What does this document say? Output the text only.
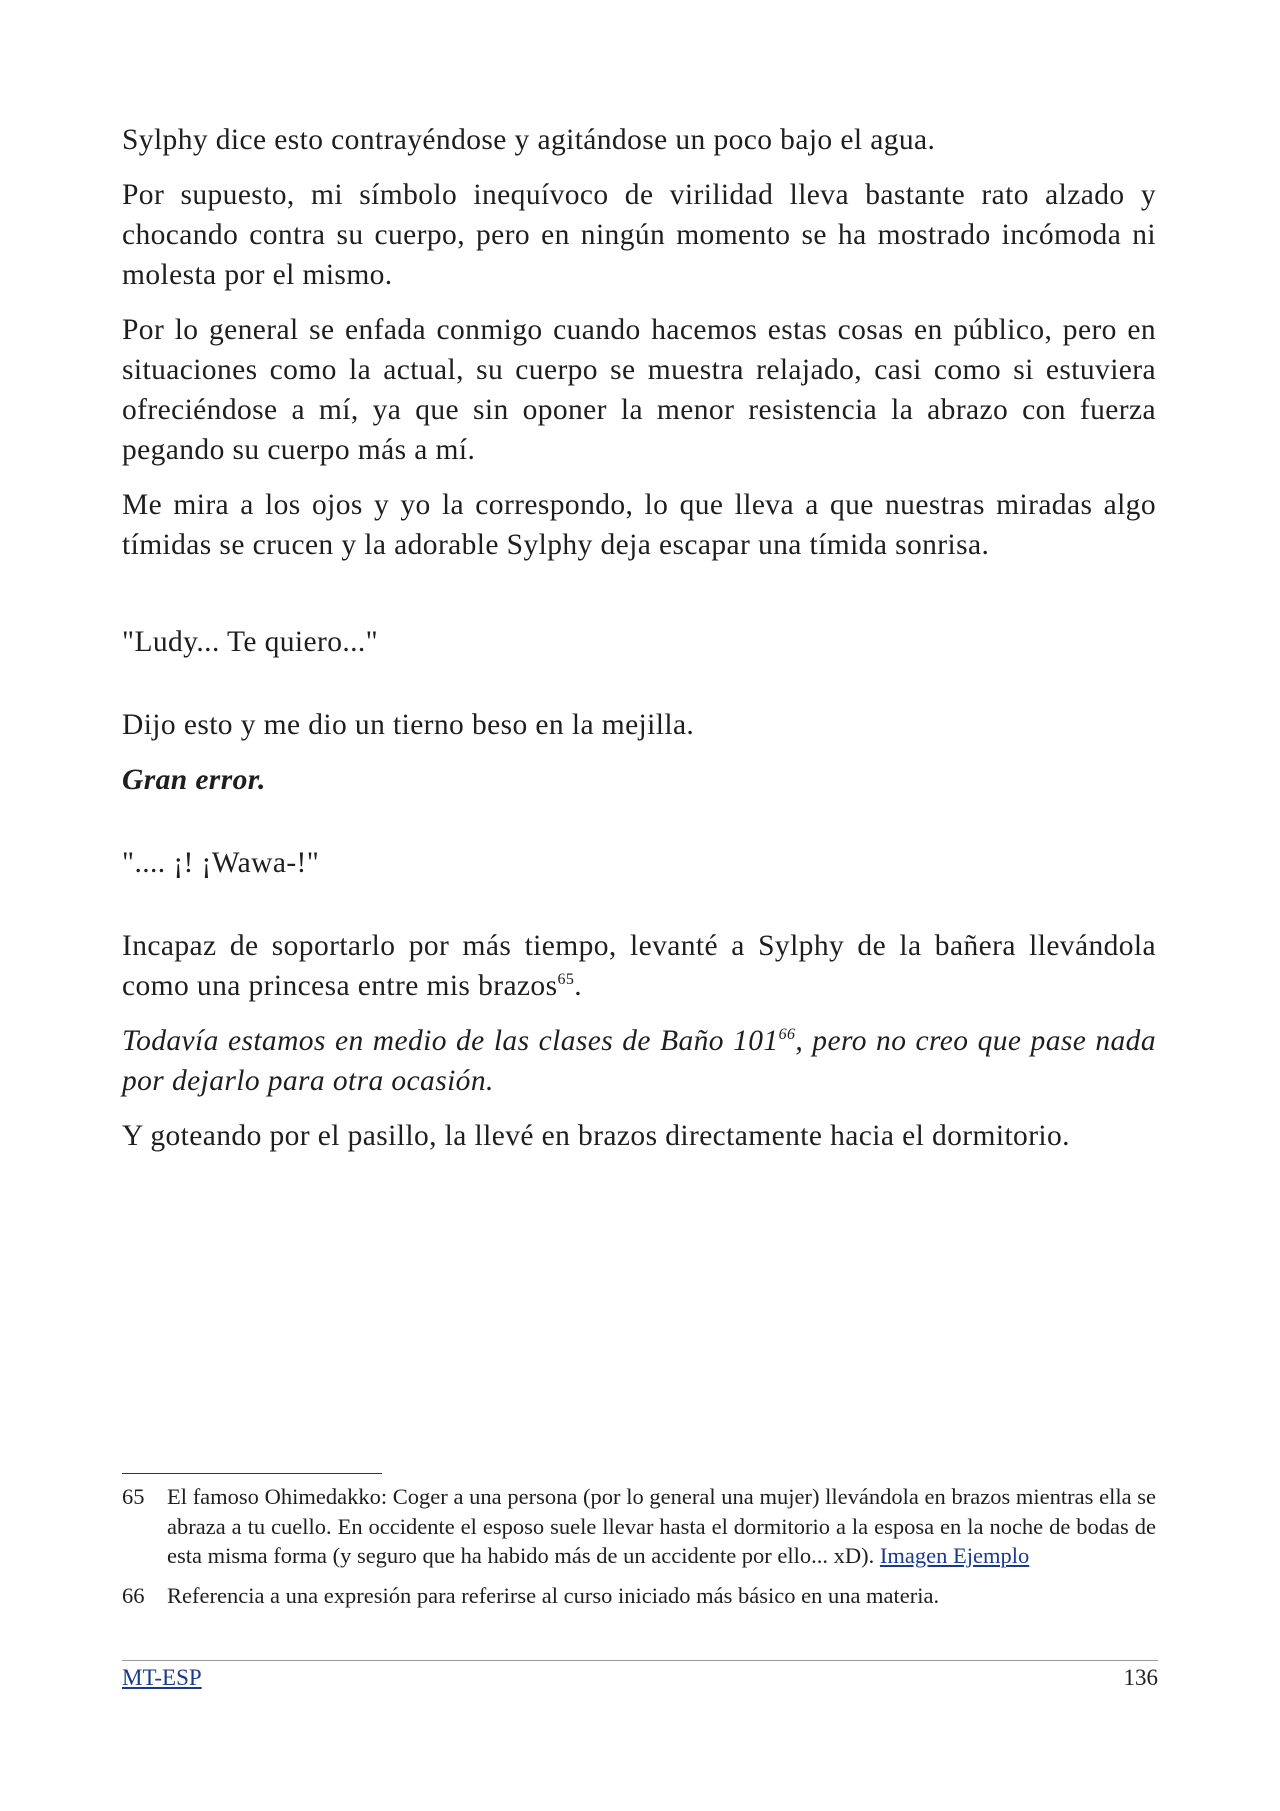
Sylphy dice esto contrayéndose y agitándose un poco bajo el agua.

Por supuesto, mi símbolo inequívoco de virilidad lleva bastante rato alzado y chocando contra su cuerpo, pero en ningún momento se ha mostrado incómoda ni molesta por el mismo.

Por lo general se enfada conmigo cuando hacemos estas cosas en público, pero en situaciones como la actual, su cuerpo se muestra relajado, casi como si estuviera ofreciéndose a mí, ya que sin oponer la menor resistencia la abrazo con fuerza pegando su cuerpo más a mí.

Me mira a los ojos y yo la correspondo, lo que lleva a que nuestras miradas algo tímidas se crucen y la adorable Sylphy deja escapar una tímida sonrisa.

"Ludy... Te quiero..."

Dijo esto y me dio un tierno beso en la mejilla.

Gran error.

".... ¡! ¡Wawa-!"

Incapaz de soportarlo por más tiempo, levanté a Sylphy de la bañera llevándola como una princesa entre mis brazos$^{65}$.

Todavía estamos en medio de las clases de Baño $101^{66}$, pero no creo que pase nada por dejarlo para otra ocasión.

Y goteando por el pasillo, la llevé en brazos directamente hacia el dormitorio.

65	El famoso Ohimedakko: Coger a una persona (por lo general una mujer) llevándola en brazos mientras ella se abraza a tu cuello. En occidente el esposo suele llevar hasta el dormitorio a la esposa en la noche de bodas de esta misma forma (y seguro que ha habido más de un accidente por ello... xD). Imagen Ejemplo
66	Referencia a una expresión para referirse al curso iniciado más básico en una materia.
MT-ESP	136
